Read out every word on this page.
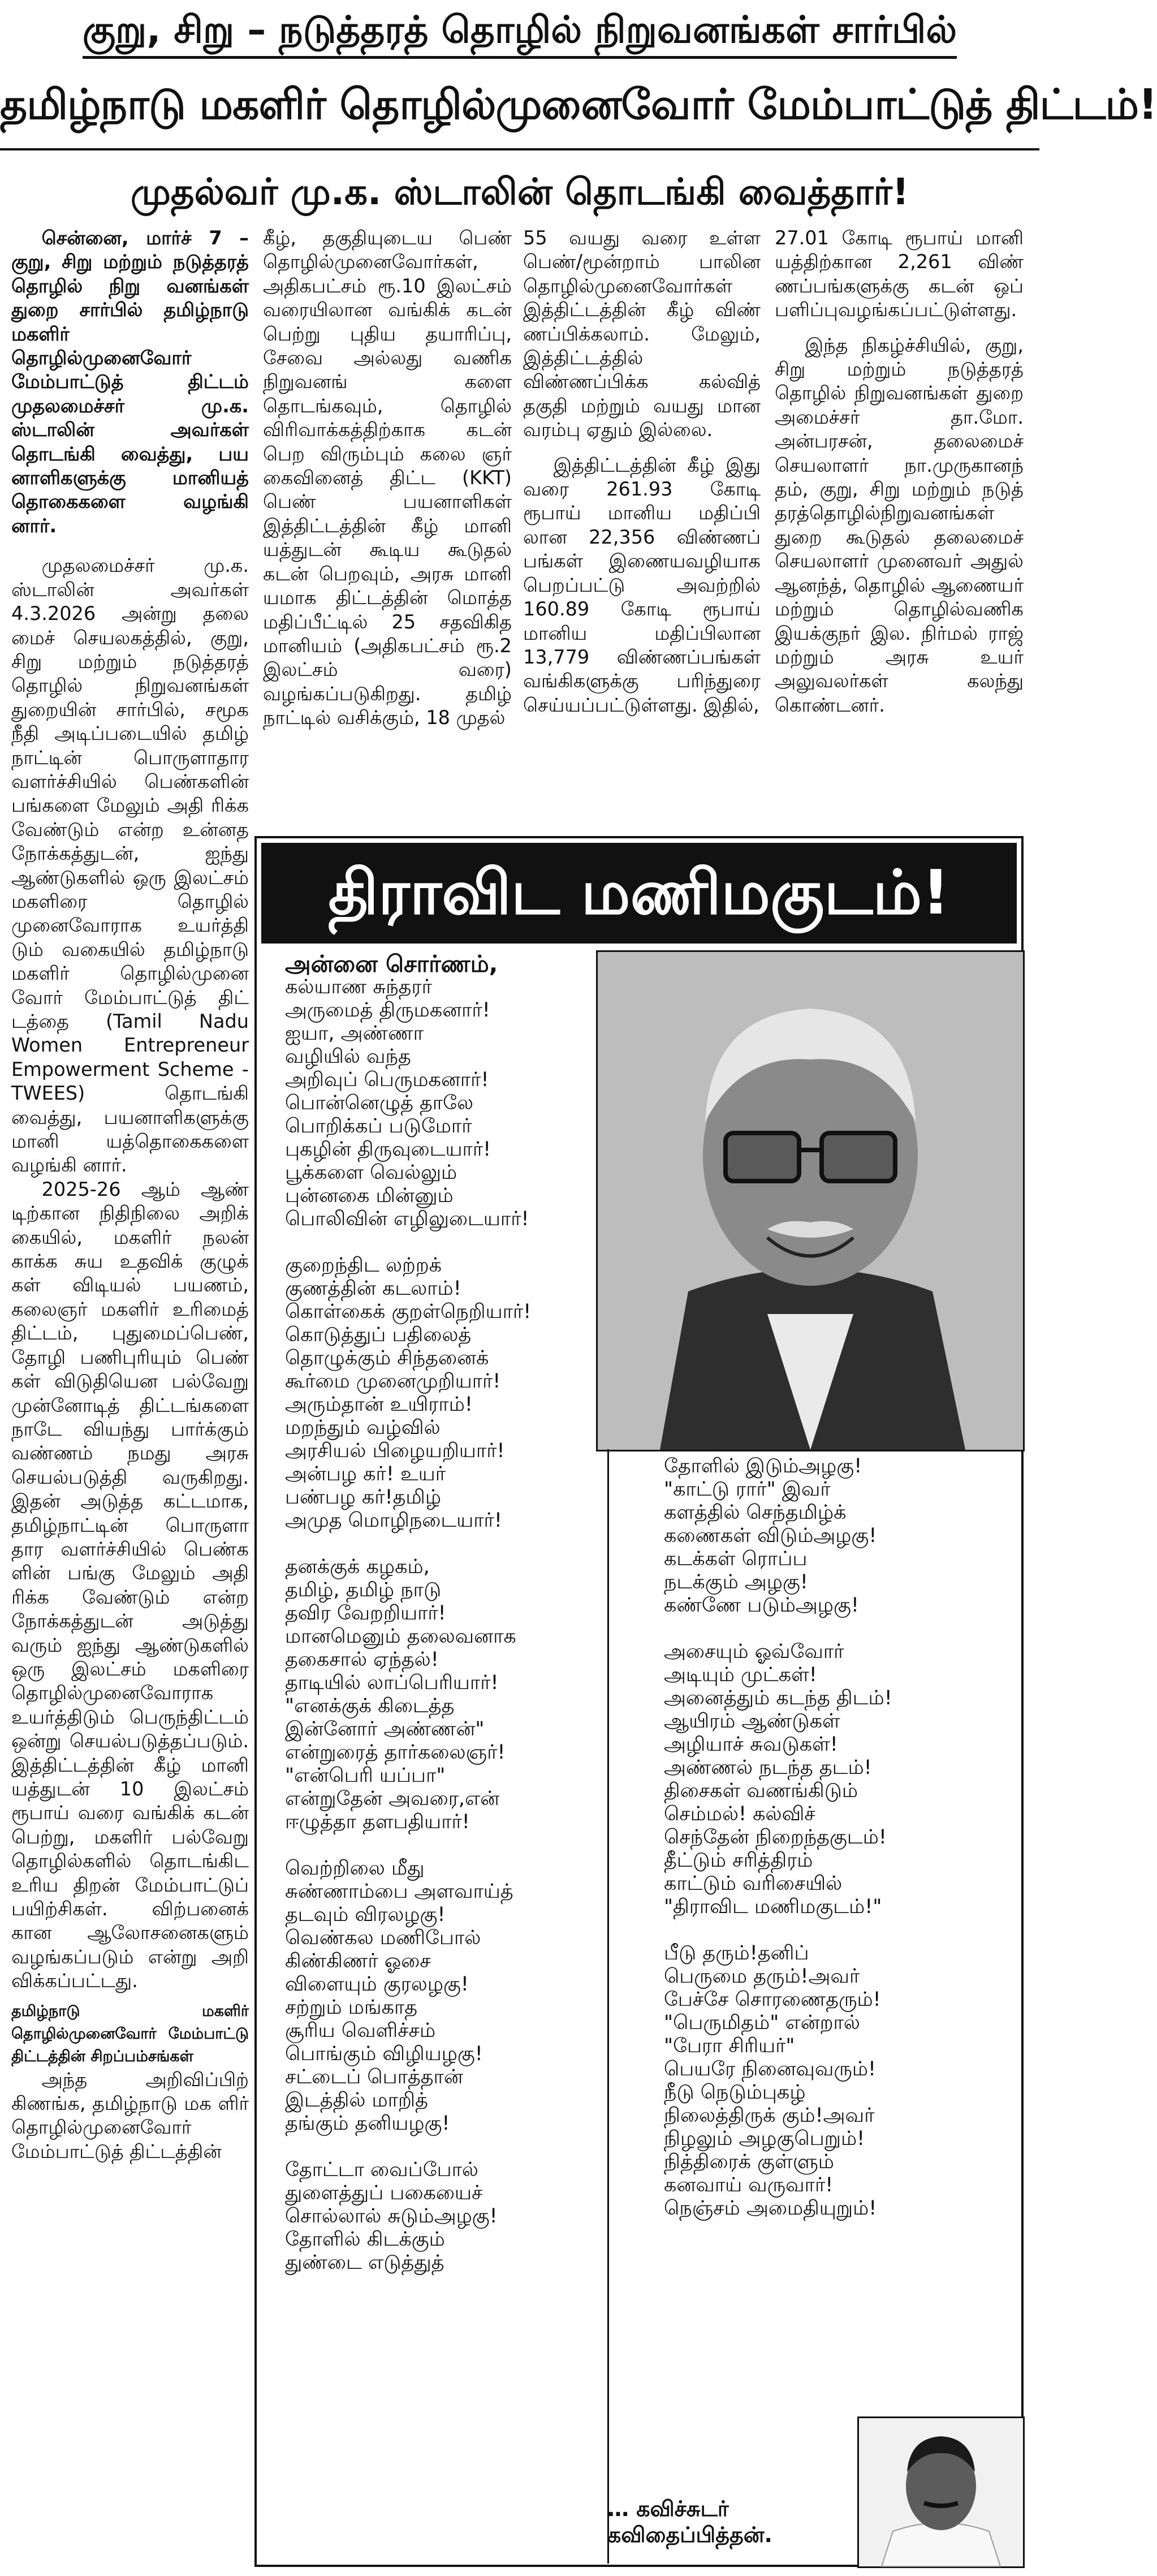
குறு, சிறு – நடுத்தரத் தொழில் நிறுவனங்கள் சார்பில்
தமிழ்நாடு மகளிர் தொழில்முனைவோர் மேம்பாட்டுத் திட்டம்!
முதல்வர் மு.க. ஸ்டாலின் தொடங்கி வைத்தார்!

சென்னை, மார்ச் 7 – குறு, சிறு மற்றும் நடுத்தரத் தொழில் நிறு வனங்கள் துறை சார்பில் தமிழ்நாடு மகளிர் தொழில்முனைவோர் மேம்பாட்டுத் திட்டம் முதலமைச்சர் மு.க. ஸ்டாலின் அவர்கள் தொடங்கி வைத்து, பய னாளிகளுக்கு மானியத் தொகைகளை வழங்கி னார்.

முதலமைச்சர் மு.க. ஸ்டாலின் அவர்கள் 4.3.2026 அன்று தலை மைச் செயலகத்தில், குறு, சிறு மற்றும் நடுத்தரத் தொழில் நிறுவனங்கள் துறையின் சார்பில், சமூக நீதி அடிப்படையில் தமிழ் நாட்டின் பொருளாதார வளர்ச்சியில் பெண்களின் பங்களை மேலும் அதி ரிக்க வேண்டும் என்ற உன்னத நோக்கத்துடன், ஐந்து ஆண்டுகளில் ஒரு இலட்சம் மகளிரை தொழில் முனைவோராக உயர்த்தி டும் வகையில் தமிழ்நாடு மகளிர் தொழில்முனை வோர் மேம்பாட்டுத் திட் டத்தை (Tamil Nadu Women Entrepreneur Empowerment Scheme - TWEES) தொடங்கி வைத்து, பயனாளிகளுக்கு மானி யத்தொகைகளை வழங்கி னார்.

2025-26 ஆம் ஆண் டிற்கான நிதிநிலை அறிக் கையில், மகளிர் நலன் காக்க சுய உதவிக் குழுக் கள் விடியல் பயணம், கலைஞர் மகளிர் உரிமைத் திட்டம், புதுமைப்பெண், தோழி பணிபுரியும் பெண் கள் விடுதியென பல்வேறு முன்னோடித் திட்டங்களை நாடே வியந்து பார்க்கும் வண்ணம் நமது அரசு செயல்படுத்தி வருகிறது. இதன் அடுத்த கட்டமாக, தமிழ்நாட்டின் பொருளா தார வளர்ச்சியில் பெண்க ளின் பங்கு மேலும் அதி ரிக்க வேண்டும் என்ற நோக்கத்துடன் அடுத்து வரும் ஐந்து ஆண்டுகளில் ஒரு இலட்சம் மகளிரை தொழில்முனைவோராக உயர்த்திடும் பெருந்திட்டம் ஒன்று செயல்படுத்தப்படும். இத்திட்டத்தின் கீழ் மானி யத்துடன் 10 இலட்சம் ரூபாய் வரை வங்கிக் கடன் பெற்று, மகளிர் பல்வேறு தொழில்களில் தொடங்கிட உரிய திறன் மேம்பாட்டுப் பயிற்சிகள். விற்பனைக் கான ஆலோசனைகளும் வழங்கப்படும் என்று அறி விக்கப்பட்டது.

தமிழ்நாடு மகளிர் தொழில்முனைவோர் மேம்பாட்டு திட்டத்தின் சிறப்பம்சங்கள்

அந்த அறிவிப்பிற் கிணங்க, தமிழ்நாடு மக ளிர் தொழில்முனைவோர் மேம்பாட்டுத் திட்டத்தின்

கீழ், தகுதியுடைய பெண் தொழில்முனைவோர்கள், அதிகபட்சம் ரூ.10 இலட்சம் வரையிலான வங்கிக் கடன் பெற்று புதிய தயாரிப்பு, சேவை அல்லது வணிக நிறுவனங் களை தொடங்கவும், தொழில் விரிவாக்கத்திற்காக கடன் பெற விரும்பும் கலை ஞர் கைவினைத் திட்ட (KKT) பெண் பயனாளிகள் இத்திட்டத்தின் கீழ் மானி யத்துடன் கூடிய கூடுதல் கடன் பெறவும், அரசு மானி யமாக திட்டத்தின் மொத்த மதிப்பீட்டில் 25 சதவிகித மானியம் (அதிகபட்சம் ரூ.2 இலட்சம் வரை) வழங்கப்படுகிறது. தமிழ் நாட்டில் வசிக்கும், 18 முதல்

55 வயது வரை உள்ள பெண்/மூன்றாம் பாலின தொழில்முனைவோர்கள் இத்திட்டத்தின் கீழ் விண் ணப்பிக்கலாம். மேலும், இத்திட்டத்தில் விண்ணப்பிக்க கல்வித் தகுதி மற்றும் வயது மான வரம்பு ஏதும் இல்லை.

இத்திட்டத்தின் கீழ் இது வரை 261.93 கோடி ரூபாய் மானிய மதிப்பி லான 22,356 விண்ணப் பங்கள் இணையவழியாக பெறப்பட்டு அவற்றில் 160.89 கோடி ரூபாய் மானிய மதிப்பிலான 13,779 விண்ணப்பங்கள் வங்கிகளுக்கு பரிந்துரை செய்யப்பட்டுள்ளது. இதில்,

27.01 கோடி ரூபாய் மானி யத்திற்கான 2,261 விண் ணப்பங்களுக்கு கடன் ஒப் பளிப்புவழங்கப்பட்டுள்ளது.

இந்த நிகழ்ச்சியில், குறு, சிறு மற்றும் நடுத்தரத் தொழில் நிறுவனங்கள் துறை அமைச்சர் தா.மோ. அன்பரசன், தலைமைச் செயலாளர் நா.முருகானந் தம், குறு, சிறு மற்றும் நடுத் தரத்தொழில்நிறுவனங்கள் துறை கூடுதல் தலைமைச் செயலாளர் முனைவர் அதுல் ஆனந்த், தொழில் ஆணையர் மற்றும் தொழில்வணிக இயக்குநர் இல. நிர்மல் ராஜ் மற்றும் அரசு உயர் அலுவலர்கள் கலந்து கொண்டனர்.

திராவிட மணிமகுடம்!

அன்னை சொர்ணம்,

கல்யாண சுந்தரர்

அருமைத் திருமகனார்!

ஐயா, அண்ணா

வழியில் வந்த

அறிவுப் பெருமகனார்!

பொன்னெழுத் தாலே

பொறிக்கப் படுமோர்

புகழின் திருவுடையார்!

பூக்களை வெல்லும்

புன்னகை மின்னும்

பொலிவின் எழிலுடையார்!

குறைந்திட லற்றக்

குணத்தின் கடலாம்!

கொள்கைக் குறள்நெறியார்!

கொடுத்துப் பதிலைத்

தொழுக்கும் சிந்தனைக்

கூர்மை முனைமுறியார்!

அரும்தான் உயிராம்!

மறந்தும் வழ்வில்

அரசியல் பிழையறியார்!

அன்பழ கர்! உயர்

பண்பழ கர்!தமிழ்

அமுத மொழிநடையார்!

தனக்குக் கழகம்,

தமிழ், தமிழ் நாடு

தவிர வேறறியார்!

மானமெனும் தலைவனாக

தகைசால் ஏந்தல்!

தாடியில் லாப்பெரியார்!

"எனக்குக் கிடைத்த

இன்னோர் அண்ணன்"

என்றுரைத் தார்கலைஞர்!

"என்பெரி யப்பா"

என்றுதேன் அவரை,என்

ஈழுத்தா தளபதியார்!

வெற்றிலை மீது

சுண்ணாம்பை அளவாய்த்

தடவும் விரலழகு!

வெண்கல மணிபோல்

கிண்கிணர் ஓசை

விளையும் குரலழகு!

சற்றும் மங்காத

சூரிய வெளிச்சம்

பொங்கும் விழியழகு!

சட்டைப் பொத்தான்

இடத்தில் மாறித்

தங்கும் தனியழகு!

தோட்டா வைப்போல்

துளைத்துப் பகையைச்

சொல்லால் சுடும்அழகு!

தோளில் கிடக்கும்

துண்டை எடுத்துத்

தோளில் இடும்அழகு!

"காட்டு ரார்" இவர்

களத்தில் செந்தமிழ்க்

கணைகள் விடும்அழகு!

கடக்கள் ரொப்ப

நடக்கும் அழகு!

கண்ணே படும்அழகு!

அசையும் ஓவ்வோர்

அடியும் முட்கள்!

அனைத்தும் கடந்த திடம்!

ஆயிரம் ஆண்டுகள்

அழியாச் சுவடுகள்!

அண்ணல் நடந்த தடம்!

திசைகள் வணங்கிடும்

செம்மல்! கல்விச்

செந்தேன் நிறைந்தகுடம்!

தீட்டும் சரித்திரம்

காட்டும் வரிசையில்

"திராவிட மணிமகுடம்!"

பீடு தரும்!தனிப்

பெருமை தரும்!அவர்

பேச்சே சொரணைதரும்!

"பெருமிதம்" என்றால்

"பேரா சிரியர்"

பெயரே நினைவுவரும்!

நீடு நெடும்புகழ்

நிலைத்திருக் கும்!அவர்

நிழலும் அழகுபெறும்!

நித்திரைக் குள்ளும்

கனவாய் வருவார்!

நெஞ்சம் அமைதியுறும்!

… கவிச்சுடர்
கவிதைப்பித்தன்.
